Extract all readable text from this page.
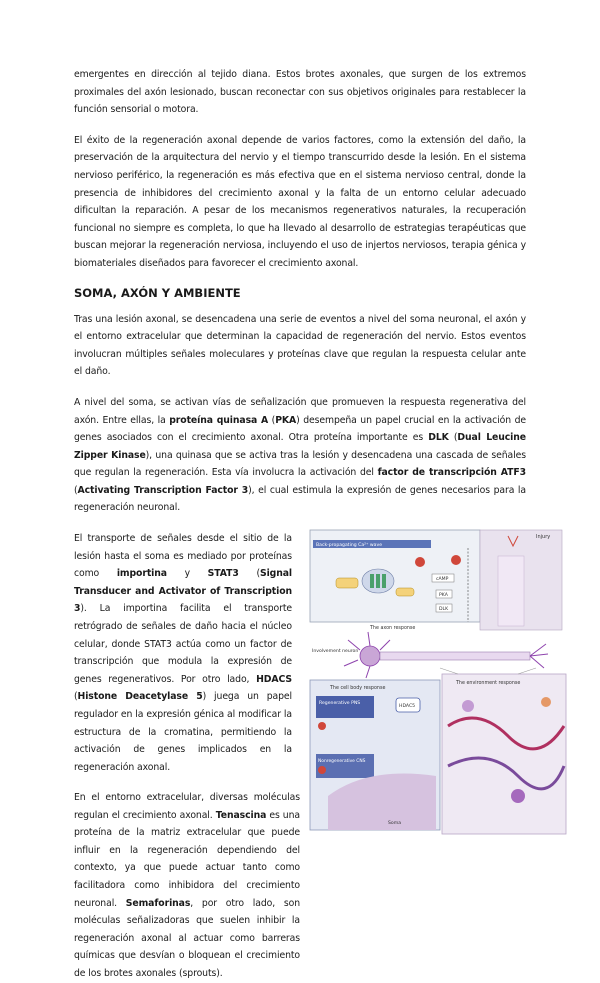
emergentes en dirección al tejido diana. Estos brotes axonales, que surgen de los extremos proximales del axón lesionado, buscan reconectar con sus objetivos originales para restablecer la función sensorial o motora.

El éxito de la regeneración axonal depende de varios factores, como la extensión del daño, la preservación de la arquitectura del nervio y el tiempo transcurrido desde la lesión. En el sistema nervioso periférico, la regeneración es más efectiva que en el sistema nervioso central, donde la presencia de inhibidores del crecimiento axonal y la falta de un entorno celular adecuado dificultan la reparación. A pesar de los mecanismos regenerativos naturales, la recuperación funcional no siempre es completa, lo que ha llevado al desarrollo de estrategias terapéuticas que buscan mejorar la regeneración nerviosa, incluyendo el uso de injertos nerviosos, terapia génica y biomateriales diseñados para favorecer el crecimiento axonal.

SOMA, AXÓN Y AMBIENTE

Tras una lesión axonal, se desencadena una serie de eventos a nivel del soma neuronal, el axón y el entorno extracelular que determinan la capacidad de regeneración del nervio. Estos eventos involucran múltiples señales moleculares y proteínas clave que regulan la respuesta celular ante el daño.

A nivel del soma, se activan vías de señalización que promueven la respuesta regenerativa del axón. Entre ellas, la proteína quinasa A (PKA) desempeña un papel crucial en la activación de genes asociados con el crecimiento axonal. Otra proteína importante es DLK (Dual Leucine Zipper Kinase), una quinasa que se activa tras la lesión y desencadena una cascada de señales que regulan la regeneración. Esta vía involucra la activación del factor de transcripción ATF3 (Activating Transcription Factor 3), el cual estimula la expresión de genes necesarios para la regeneración neuronal.

El transporte de señales desde el sitio de la lesión hasta el soma es mediado por proteínas como importina y STAT3 (Signal Transducer and Activator of Transcription 3). La importina facilita el transporte retrógrado de señales de daño hacia el núcleo celular, donde STAT3 actúa como un factor de transcripción que modula la expresión de genes regenerativos. Por otro lado, HDACS (Histone Deacetylase 5) juega un papel regulador en la expresión génica al modificar la estructura de la cromatina, permitiendo la activación de genes implicados en la regeneración axonal.

Back-propagating Ca²⁺ wave
Injury
cAMP
PKA
DLK
The axon response
Involvement neuron
The cell body response
Regenerative PNS
HDAC5
Nonregenerative CNS
Soma
The environment response

En el entorno extracelular, diversas moléculas regulan el crecimiento axonal. Tenascina es una proteína de la matriz extracelular que puede influir en la regeneración dependiendo del contexto, ya que puede actuar tanto como facilitadora como inhibidora del crecimiento neuronal. Semaforinas, por otro lado, son moléculas señalizadoras que suelen inhibir la regeneración axonal al actuar como barreras químicas que desvían o bloquean el crecimiento de los brotes axonales (sprouts).
